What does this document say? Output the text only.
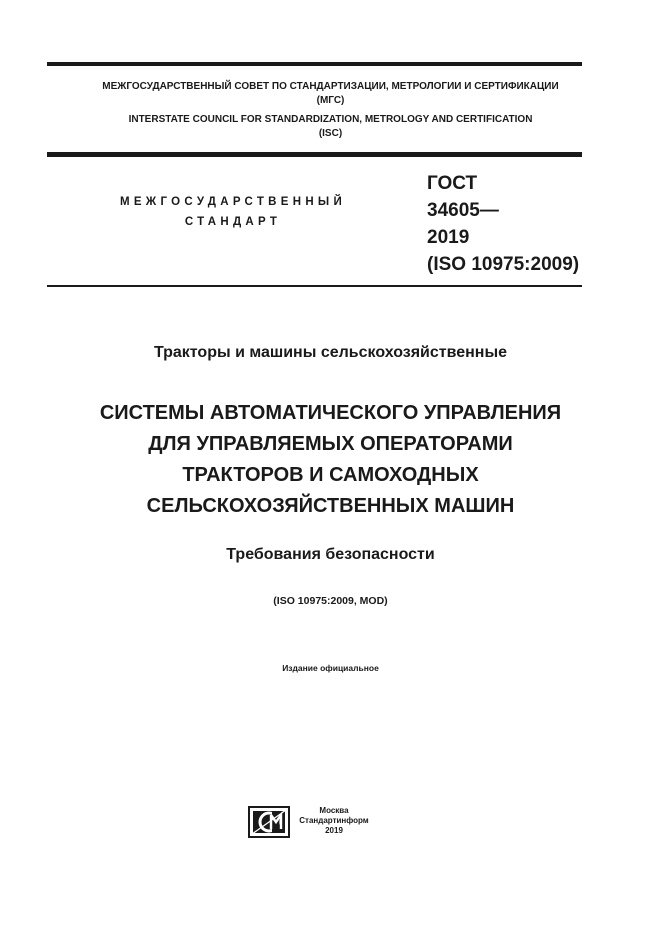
МЕЖГОСУДАРСТВЕННЫЙ СОВЕТ ПО СТАНДАРТИЗАЦИИ, МЕТРОЛОГИИ И СЕРТИФИКАЦИИ
(МГС)
INTERSTATE COUNCIL FOR STANDARDIZATION, METROLOGY AND CERTIFICATION
(ISC)
МЕЖГОСУДАРСТВЕННЫЙ
СТАНДАРТ
ГОСТ
34605—
2019
(ISO 10975:2009)
Тракторы и машины сельскохозяйственные
СИСТЕМЫ АВТОМАТИЧЕСКОГО УПРАВЛЕНИЯ
ДЛЯ УПРАВЛЯЕМЫХ ОПЕРАТОРАМИ
ТРАКТОРОВ И САМОХОДНЫХ
СЕЛЬСКОХОЗЯЙСТВЕННЫХ МАШИН
Требования безопасности
(ISO 10975:2009, MOD)
Издание официальное
Москва
Стандартинформ
2019
